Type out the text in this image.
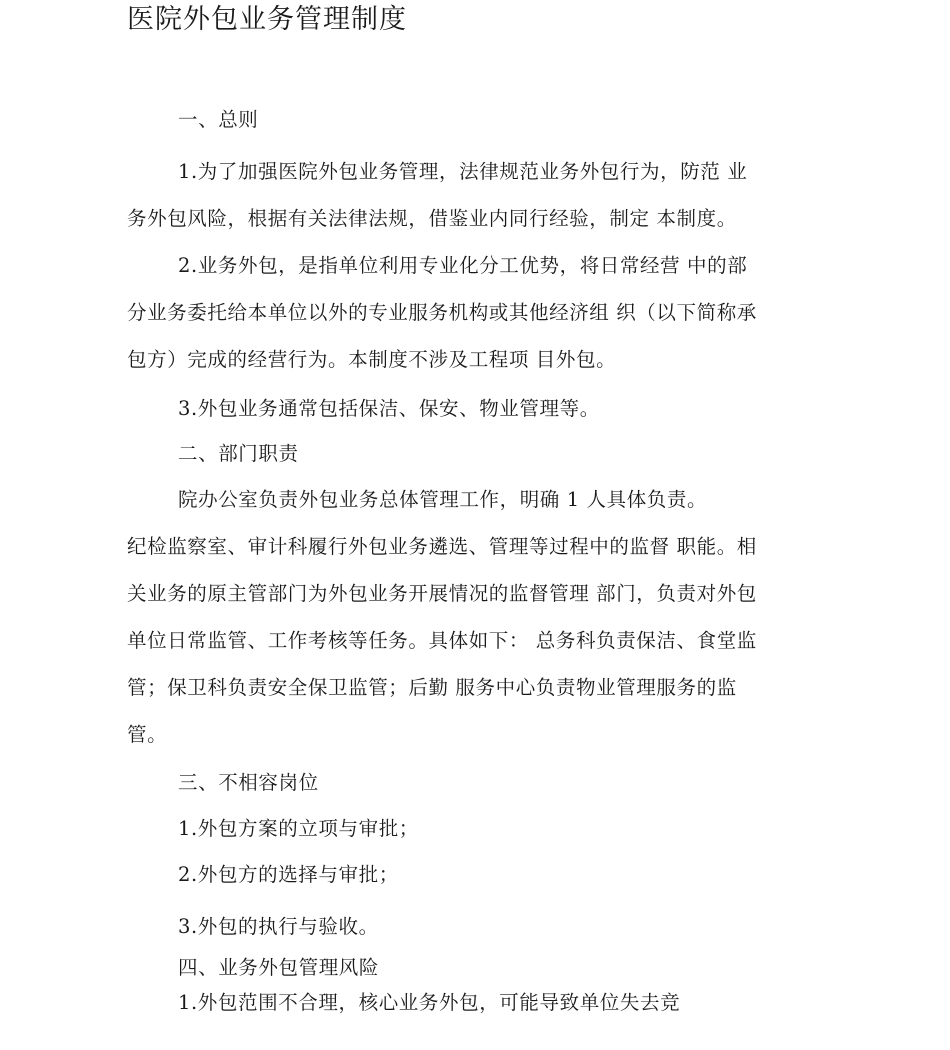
医院外包业务管理制度
一、总则
1.为了加强医院外包业务管理，法律规范业务外包行为，防范 业
务外包风险，根据有关法律法规，借鉴业内同行经验，制定 本制度。
2.业务外包，是指单位利用专业化分工优势，将日常经营 中的部
分业务委托给本单位以外的专业服务机构或其他经济组 织（以下简称承
包方）完成的经营行为。本制度不涉及工程项 目外包。
3.外包业务通常包括保洁、保安、物业管理等。
二、部门职责
院办公室负责外包业务总体管理工作，明确 1 人具体负责。
纪检监察室、审计科履行外包业务遴选、管理等过程中的监督 职能。相
关业务的原主管部门为外包业务开展情况的监督管理 部门，负责对外包
单位日常监管、工作考核等任务。具体如下： 总务科负责保洁、食堂监
管；保卫科负责安全保卫监管；后勤 服务中心负责物业管理服务的监
管。
三、不相容岗位
1.外包方案的立项与审批；
2.外包方的选择与审批；
3.外包的执行与验收。
四、业务外包管理风险
1.外包范围不合理，核心业务外包，可能导致单位失去竞
